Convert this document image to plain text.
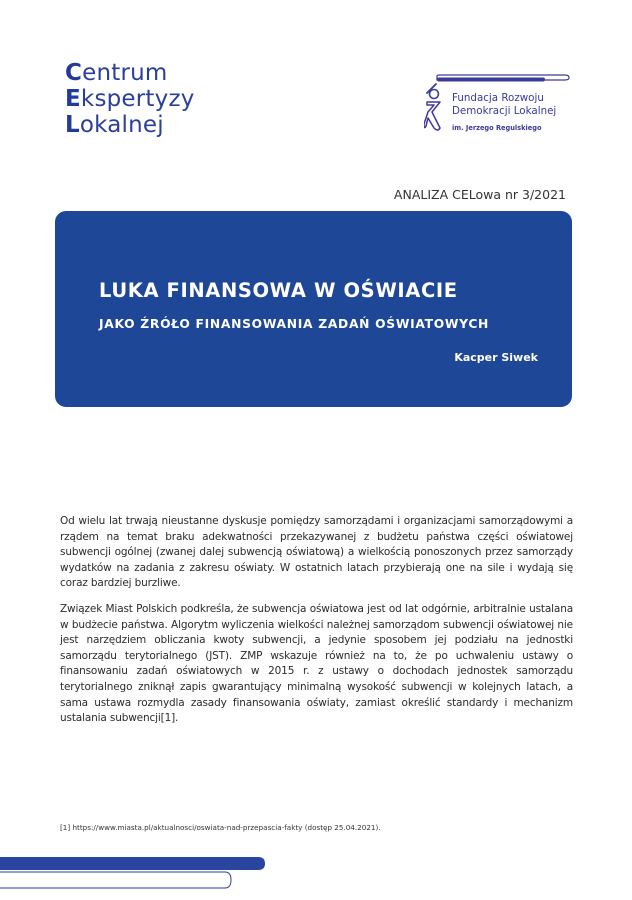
Centrum
Ekspertyzy
Lokalnej
Fundacja Rozwoju
Demokracji Lokalnej
im. Jerzego Regulskiego
ANALIZA CELowa nr 3/2021
LUKA FINANSOWA W OŚWIACIE
JAKO ŹRÓŁO FINANSOWANIA ZADAŃ OŚWIATOWYCH
Kacper Siwek

Od wielu lat trwają nieustanne dyskusje pomiędzy samorządami i organizacjami samorządowymi a rządem na temat braku adekwatności przekazywanej z budżetu państwa części oświatowej subwencji ogólnej (zwanej dalej subwencją oświatową) a wielkością ponoszonych przez samorządy wydatków na zadania z zakresu oświaty. W ostatnich latach przybierają one na sile i wydają się coraz bardziej burzliwe.

Związek Miast Polskich podkreśla, że subwencja oświatowa jest od lat odgórnie, arbitralnie ustalana w budżecie państwa. Algorytm wyliczenia wielkości należnej samorządom subwencji oświatowej nie jest narzędziem obliczania kwoty subwencji, a jedynie sposobem jej podziału na jednostki samorządu terytorialnego (JST). ZMP wskazuje również na to, że po uchwaleniu ustawy o finansowaniu zadań oświatowych w 2015 r. z ustawy o dochodach jednostek samorządu terytorialnego zniknął zapis gwarantujący minimalną wysokość subwencji w kolejnych latach, a sama ustawa rozmydla zasady finansowania oświaty, zamiast określić standardy i mechanizm ustalania subwencji[1].

[1] https://www.miasta.pl/aktualnosci/oswiata-nad-przepascia-fakty (dostęp 25.04.2021).
